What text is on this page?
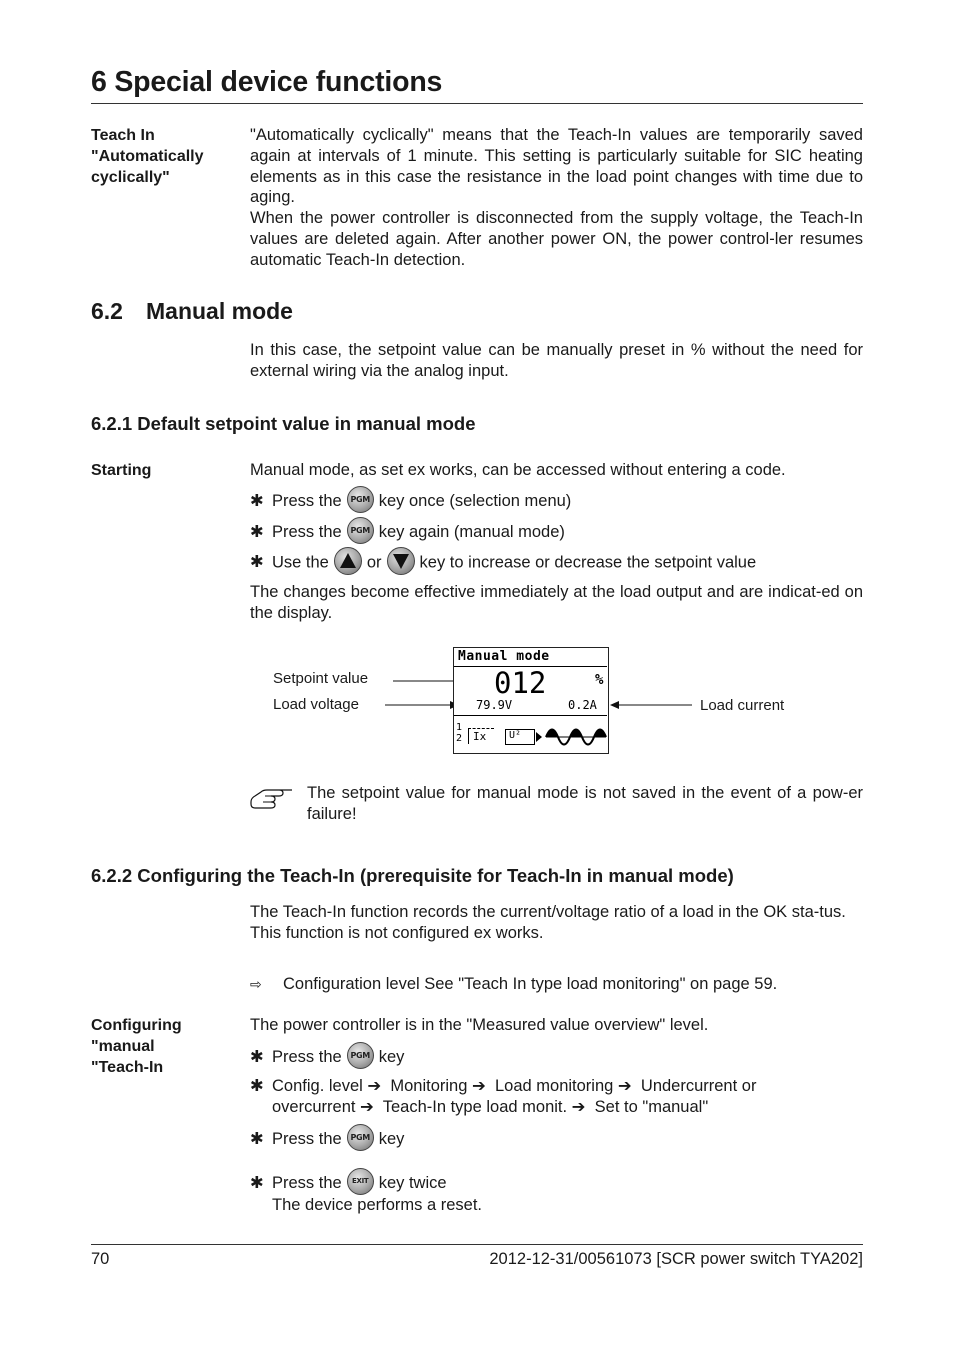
6 Special device functions
Teach In
"Automatically
cyclically"
"Automatically cyclically" means that the Teach-In values are temporarily saved again at intervals of 1 minute. This setting is particularly suitable for SIC heating elements as in this case the resistance in the load point changes with time due to aging.
When the power controller is disconnected from the supply voltage, the Teach-In values are deleted again. After another power ON, the power control-ler resumes automatic Teach-In detection.
6.2 Manual mode
In this case, the setpoint value can be manually preset in % without the need for external wiring via the analog input.
6.2.1 Default setpoint value in manual mode
Starting	Manual mode, as set ex works, can be accessed without entering a code.
✱ Press the PGM key once (selection menu)
✱ Press the PGM key again (manual mode)
✱ Use the or key to increase or decrease the setpoint value
The changes become effective immediately at the load output and are indicat-ed on the display.
Setpoint value
Load voltage	Load current
Manual mode
012	%
79.9V	0.2A
1
2 Ix	U²
The setpoint value for manual mode is not saved in the event of a pow-er failure!
6.2.2 Configuring the Teach-In (prerequisite for Teach-In in manual mode)
The Teach-In function records the current/voltage ratio of a load in the OK sta-tus.
This function is not configured ex works.
⇨ Configuration level See "Teach In type load monitoring" on page 59.
Configuring
"manual
"Teach-In
The power controller is in the "Measured value overview" level.
✱ Press the PGM key
✱ Config. level ➔  Monitoring ➔  Load monitoring ➔  Undercurrent or
overcurrent ➔  Teach-In type load monit. ➔  Set to "manual"
✱ Press the PGM key
✱ Press the EXIT key twice
The device performs a reset.
70	2012-12-31/00561073 [SCR power switch TYA202]
